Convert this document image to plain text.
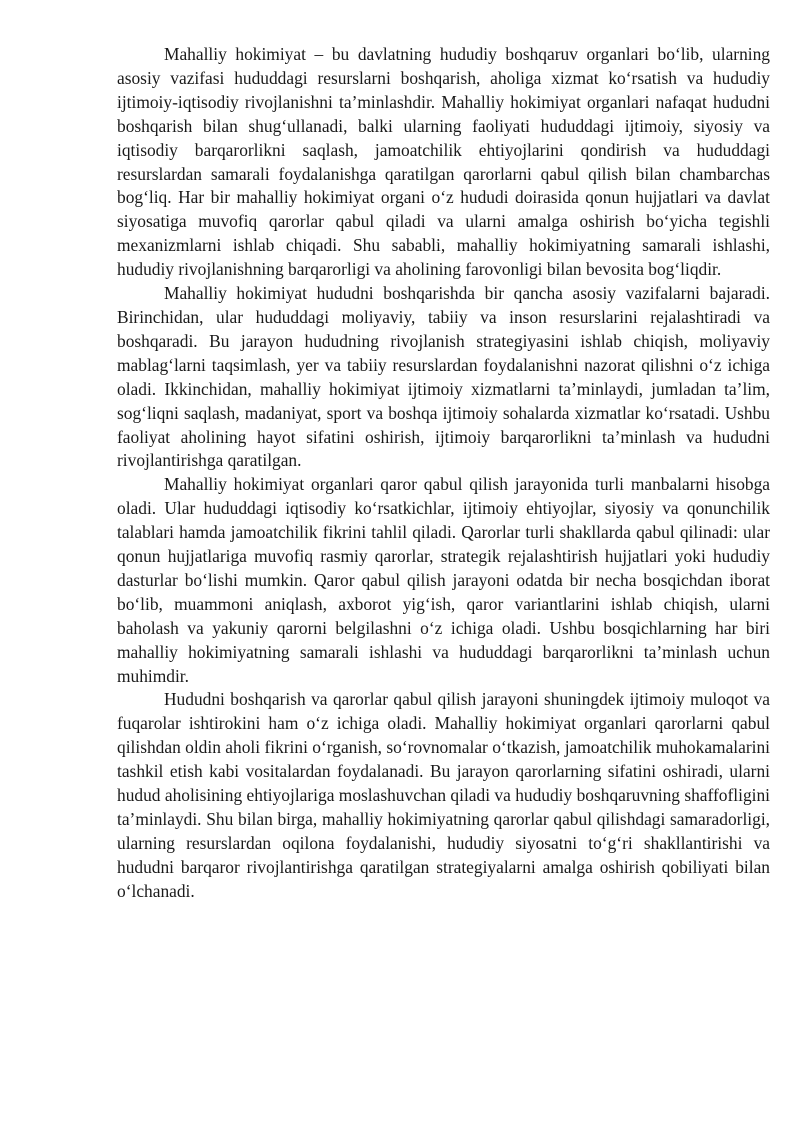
Mahalliy hokimiyat – bu davlatning hududiy boshqaruv organlari bo‘lib, ularning asosiy vazifasi hududdagi resurslarni boshqarish, aholiga xizmat ko‘rsatish va hududiy ijtimoiy-iqtisodiy rivojlanishni ta’minlashdir. Mahalliy hokimiyat organlari nafaqat hududni boshqarish bilan shug‘ullanadi, balki ularning faoliyati hududdagi ijtimoiy, siyosiy va iqtisodiy barqarorlikni saqlash, jamoatchilik ehtiyojlarini qondirish va hududdagi resurslardan samarali foydalanishga qaratilgan qarorlarni qabul qilish bilan chambarchas bog‘liq. Har bir mahalliy hokimiyat organi o‘z hududi doirasida qonun hujjatlari va davlat siyosatiga muvofiq qarorlar qabul qiladi va ularni amalga oshirish bo‘yicha tegishli mexanizmlarni ishlab chiqadi. Shu sababli, mahalliy hokimiyatning samarali ishlashi, hududiy rivojlanishning barqarorligi va aholining farovonligi bilan bevosita bog‘liqdir.

Mahalliy hokimiyat hududni boshqarishda bir qancha asosiy vazifalarni bajaradi. Birinchidan, ular hududdagi moliyaviy, tabiiy va inson resurslarini rejalashtiradi va boshqaradi. Bu jarayon hududning rivojlanish strategiyasini ishlab chiqish, moliyaviy mablag‘larni taqsimlash, yer va tabiiy resurslardan foydalanishni nazorat qilishni o‘z ichiga oladi. Ikkinchidan, mahalliy hokimiyat ijtimoiy xizmatlarni ta’minlaydi, jumladan ta’lim, sog‘liqni saqlash, madaniyat, sport va boshqa ijtimoiy sohalarda xizmatlar ko‘rsatadi. Ushbu faoliyat aholining hayot sifatini oshirish, ijtimoiy barqarorlikni ta’minlash va hududni rivojlantirishga qaratilgan.

Mahalliy hokimiyat organlari qaror qabul qilish jarayonida turli manbalarni hisobga oladi. Ular hududdagi iqtisodiy ko‘rsatkichlar, ijtimoiy ehtiyojlar, siyosiy va qonunchilik talablari hamda jamoatchilik fikrini tahlil qiladi. Qarorlar turli shakllarda qabul qilinadi: ular qonun hujjatlariga muvofiq rasmiy qarorlar, strategik rejalashtirish hujjatlari yoki hududiy dasturlar bo‘lishi mumkin. Qaror qabul qilish jarayoni odatda bir necha bosqichdan iborat bo‘lib, muammoni aniqlash, axborot yig‘ish, qaror variantlarini ishlab chiqish, ularni baholash va yakuniy qarorni belgilashni o‘z ichiga oladi. Ushbu bosqichlarning har biri mahalliy hokimiyatning samarali ishlashi va hududdagi barqarorlikni ta’minlash uchun muhimdir.

Hududni boshqarish va qarorlar qabul qilish jarayoni shuningdek ijtimoiy muloqot va fuqarolar ishtirokini ham o‘z ichiga oladi. Mahalliy hokimiyat organlari qarorlarni qabul qilishdan oldin aholi fikrini o‘rganish, so‘rovnomalar o‘tkazish, jamoatchilik muhokamalarini tashkil etish kabi vositalardan foydalanadi. Bu jarayon qarorlarning sifatini oshiradi, ularni hudud aholisining ehtiyojlariga moslashuvchan qiladi va hududiy boshqaruvning shaffofligini ta’minlaydi. Shu bilan birga, mahalliy hokimiyatning qarorlar qabul qilishdagi samaradorligi, ularning resurslardan oqilona foydalanishi, hududiy siyosatni to‘g‘ri shakllantirishi va hududni barqaror rivojlantirishga qaratilgan strategiyalarni amalga oshirish qobiliyati bilan o‘lchanadi.
